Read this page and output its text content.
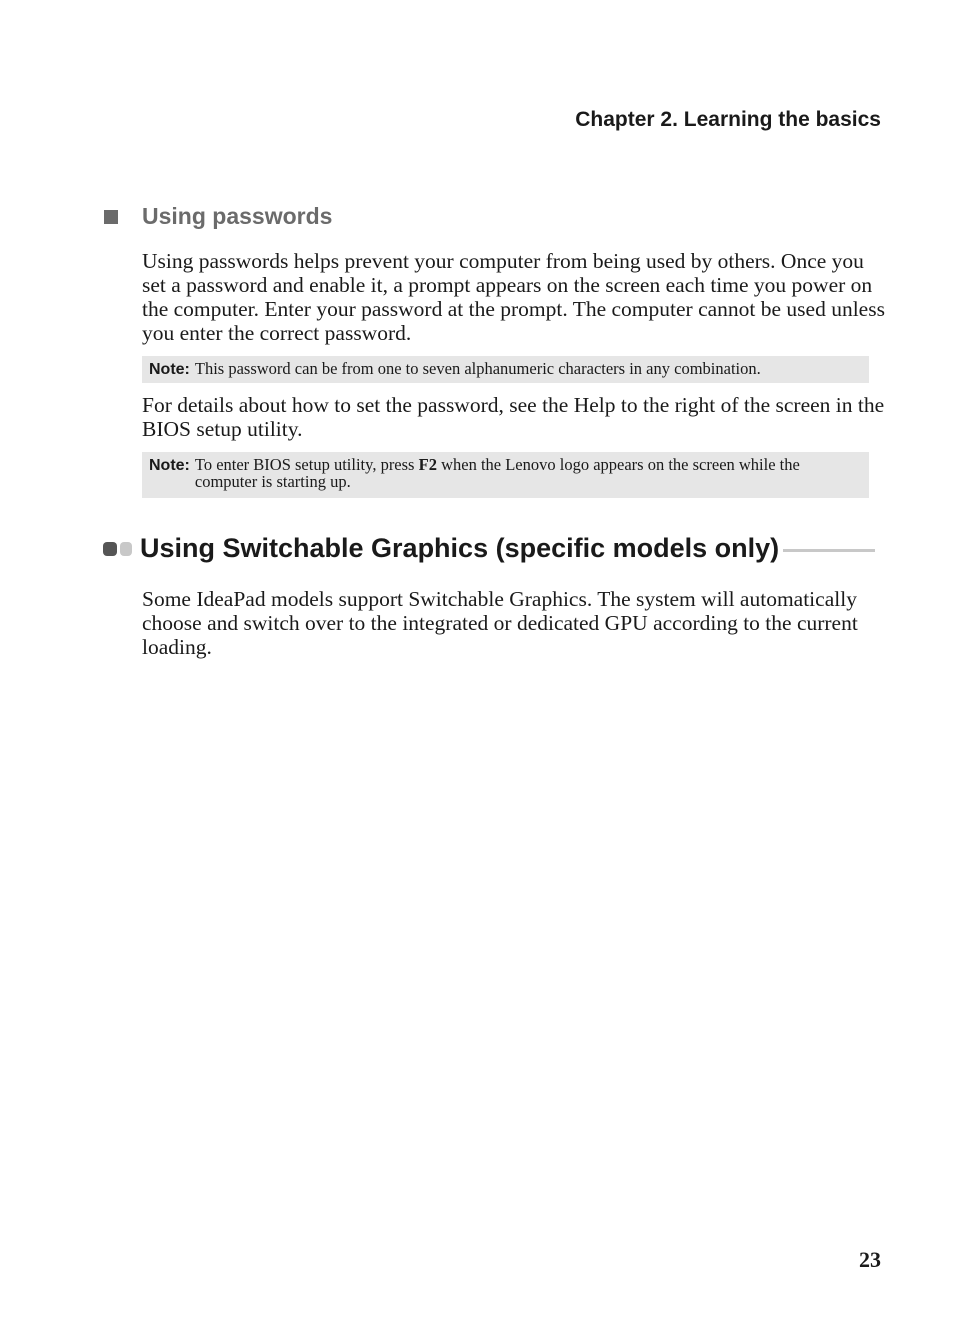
Chapter 2. Learning the basics
Using passwords
Using passwords helps prevent your computer from being used by others. Once you set a password and enable it, a prompt appears on the screen each time you power on the computer. Enter your password at the prompt. The computer cannot be used unless you enter the correct password.
Note: This password can be from one to seven alphanumeric characters in any combination.
For details about how to set the password, see the Help to the right of the screen in the BIOS setup utility.
Note: To enter BIOS setup utility, press F2 when the Lenovo logo appears on the screen while the computer is starting up.
Using Switchable Graphics (specific models only)
Some IdeaPad models support Switchable Graphics. The system will automatically choose and switch over to the integrated or dedicated GPU according to the current loading.
23
